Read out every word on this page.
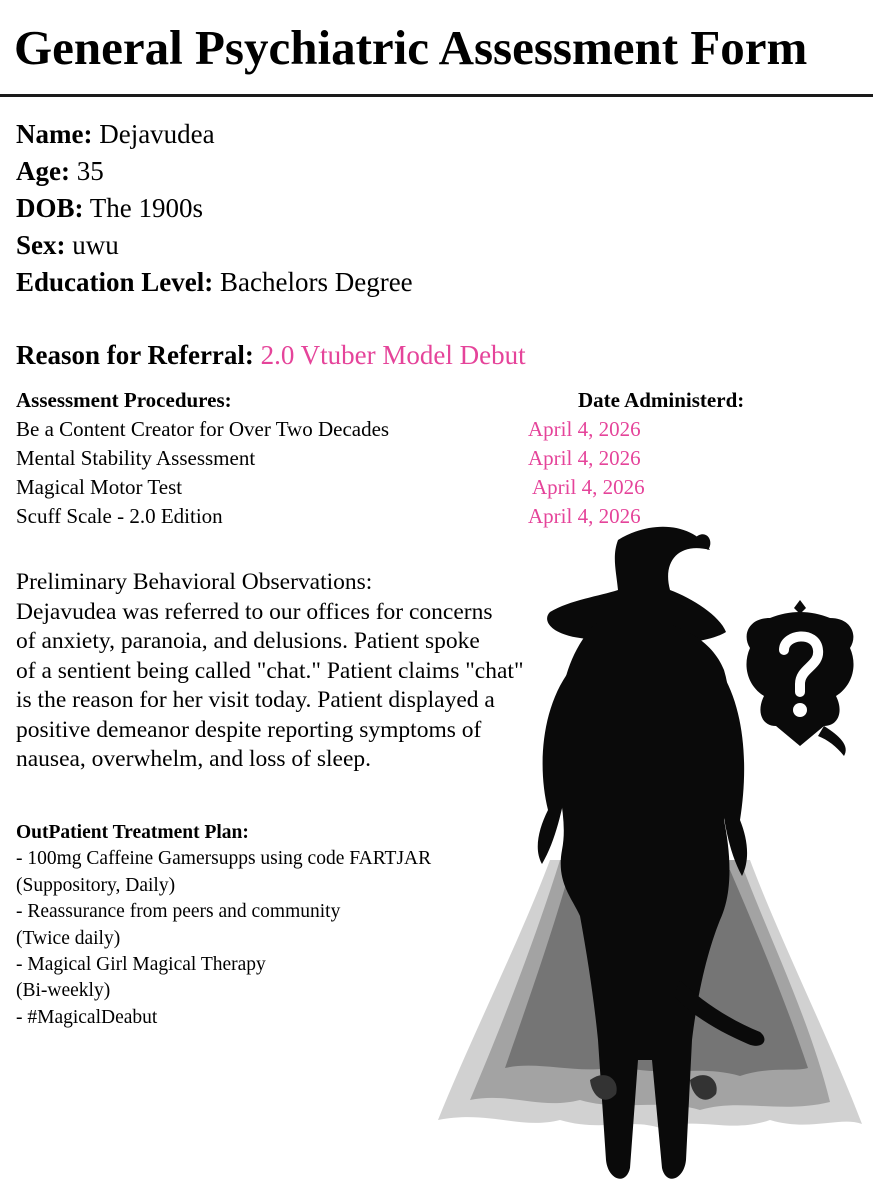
General Psychiatric Assessment Form
Name: Dejavudea
Age: 35
DOB: The 1900s
Sex: uwu
Education Level: Bachelors Degree
Reason for Referral: 2.0 Vtuber Model Debut
Assessment Procedures:	Date Administerd:
Be a Content Creator for Over Two Decades	April 4, 2026
Mental Stability Assessment	April 4, 2026
Magical Motor Test	April 4, 2026
Scuff Scale - 2.0 Edition	April 4, 2026
Preliminary Behavioral Observations:
Dejavudea was referred to our offices for concerns
of anxiety, paranoia, and delusions. Patient spoke
of a sentient being called "chat." Patient claims "chat"
is the reason for her visit today. Patient displayed a
positive demeanor despite reporting symptoms of
nausea, overwhelm, and loss of sleep.
OutPatient Treatment Plan:
- 100mg Caffeine Gamersupps using code FARTJAR
(Suppository, Daily)
- Reassurance from peers and community
(Twice daily)
- Magical Girl Magical Therapy
(Bi-weekly)
- #MagicalDeabut
